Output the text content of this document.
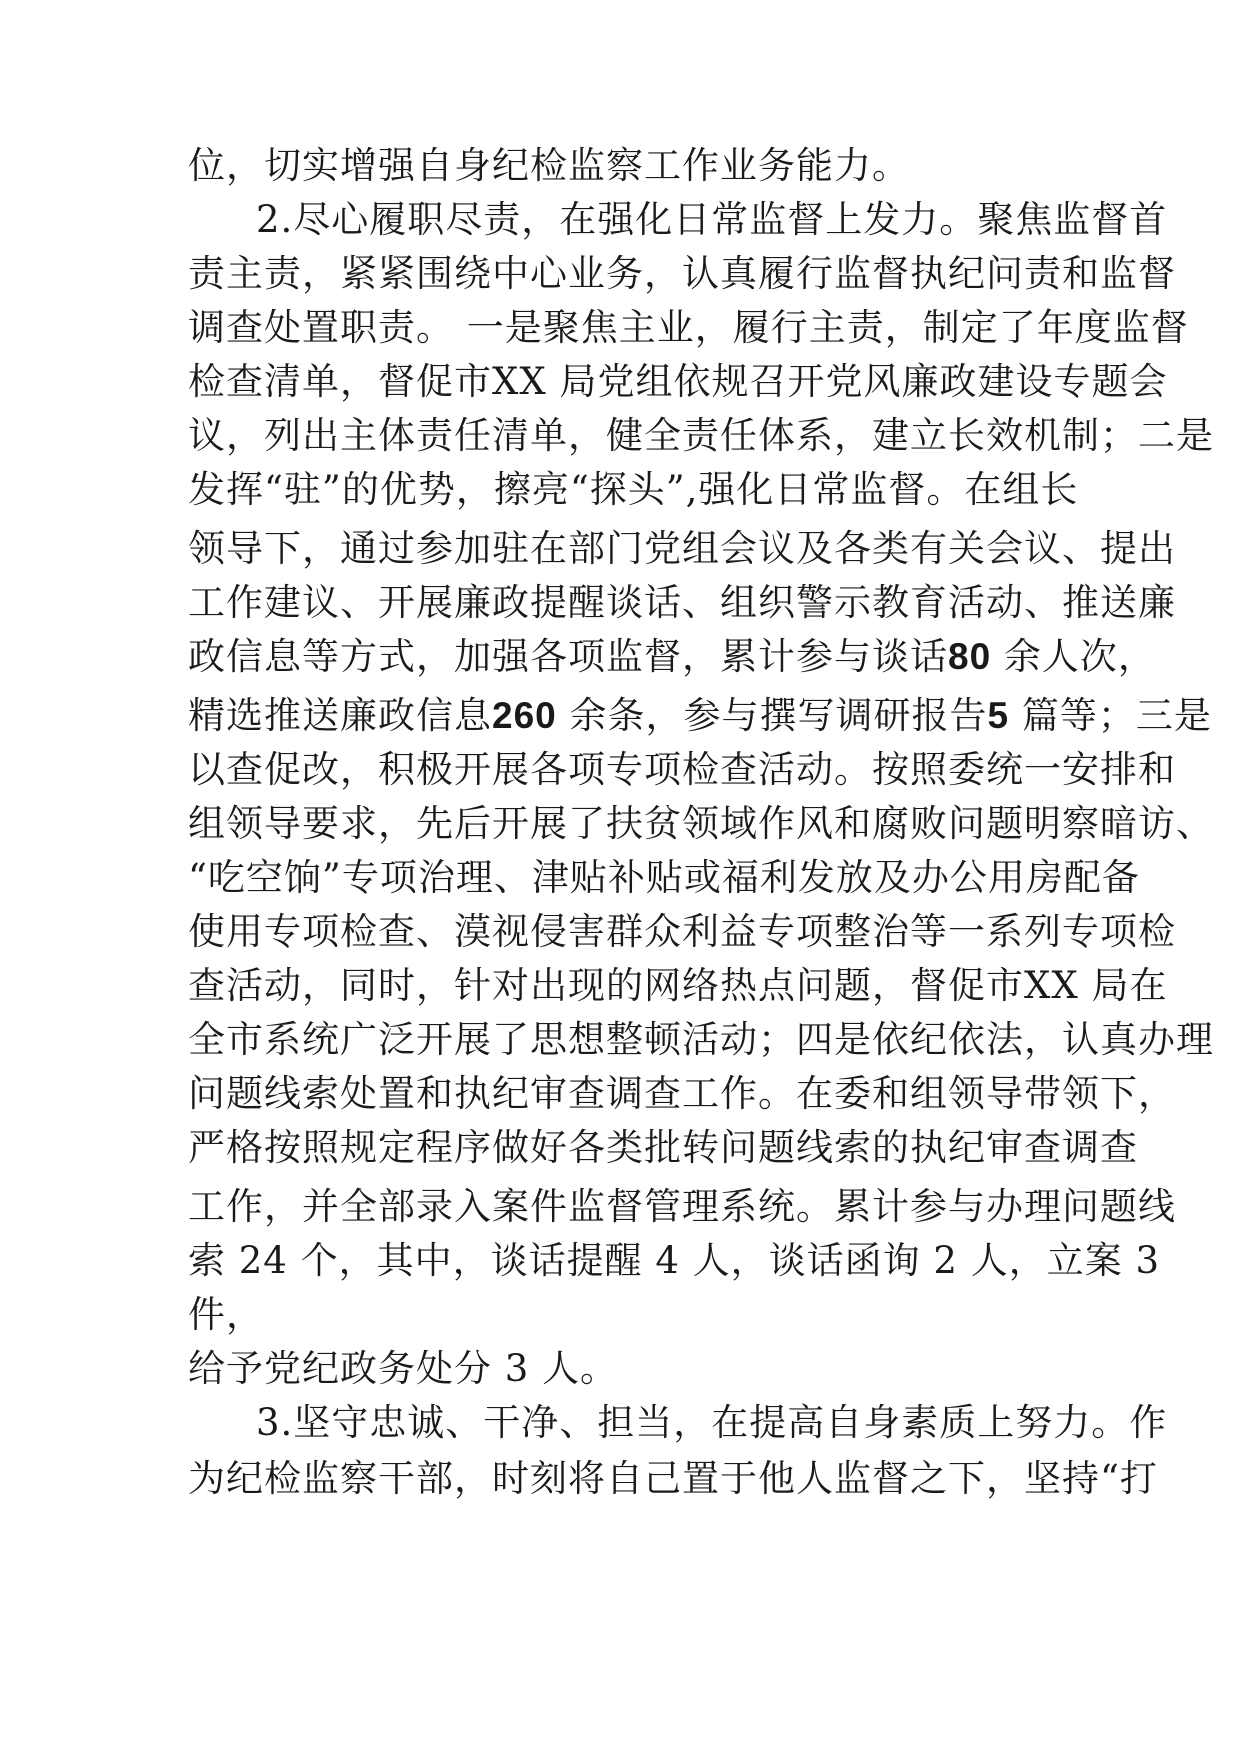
位，切实增强自身纪检监察工作业务能力。
2.尽心履职尽责，在强化日常监督上发力。聚焦监督首
责主责，紧紧围绕中心业务，认真履行监督执纪问责和监督
调查处置职责。 一是聚焦主业，履行主责，制定了年度监督
检查清单，督促市XX 局党组依规召开党风廉政建设专题会
议，列出主体责任清单，健全责任体系，建立长效机制；二是
发挥“驻”的优势，擦亮“探头”,强化日常监督。在组长
领导下，通过参加驻在部门党组会议及各类有关会议、提出
工作建议、开展廉政提醒谈话、组织警示教育活动、推送廉
政信息等方式，加强各项监督，累计参与谈话80 余人次，
精选推送廉政信息260 余条，参与撰写调研报告5 篇等；三是
以查促改，积极开展各项专项检查活动。按照委统一安排和
组领导要求，先后开展了扶贫领域作风和腐败问题明察暗访、
“吃空饷”专项治理、津贴补贴或福利发放及办公用房配备
使用专项检查、漠视侵害群众利益专项整治等一系列专项检
查活动，同时，针对出现的网络热点问题，督促市XX 局在
全市系统广泛开展了思想整顿活动；四是依纪依法，认真办理
问题线索处置和执纪审查调查工作。在委和组领导带领下，
严格按照规定程序做好各类批转问题线索的执纪审查调查
工作，并全部录入案件监督管理系统。累计参与办理问题线
索 24 个，其中，谈话提醒 4 人，谈话函询 2 人，立案 3
件，
给予党纪政务处分 3 人。
3.坚守忠诚、干净、担当，在提高自身素质上努力。作
为纪检监察干部，时刻将自己置于他人监督之下，坚持“打
